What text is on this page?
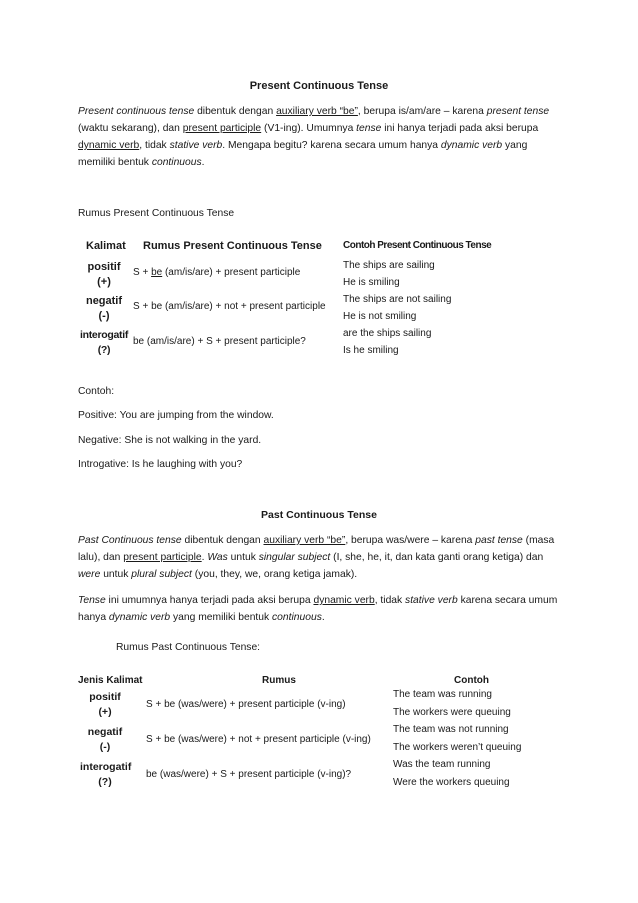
Present Continuous Tense
Present continuous tense dibentuk dengan auxiliary verb “be”, berupa is/am/are – karena present tense (waktu sekarang), dan present participle (V1-ing). Umumnya tense ini hanya terjadi pada aksi berupa dynamic verb, tidak stative verb. Mengapa begitu? karena secara umum hanya dynamic verb yang memiliki bentuk continuous.
Rumus Present Continuous Tense
Kalimat Rumus Present Continuous Tense Contoh Present Continuous Tense
positif
(+)
S + be (am/is/are) + present participle
The ships are sailing
He is smiling
negatif
(-)
S + be (am/is/are) + not + present participle
The ships are not sailing
He is not smiling
interogatif
(?)
be (am/is/are) + S + present participle?
are the ships sailing
Is he smiling
Contoh:
Positive: You are jumping from the window.
Negative: She is not walking in the yard.
Introgative: Is he laughing with you?
Past Continuous Tense
Past Continuous tense dibentuk dengan auxiliary verb “be”, berupa was/were – karena past tense (masa lalu), dan present participle. Was untuk singular subject (I, she, he, it, dan kata ganti orang ketiga) dan were untuk plural subject (you, they, we, orang ketiga jamak).
Tense ini umumnya hanya terjadi pada aksi berupa dynamic verb, tidak stative verb karena secara umum hanya dynamic verb yang memiliki bentuk continuous.
Rumus Past Continuous Tense:
Jenis Kalimat	Rumus	Contoh
positif
(+)
S + be (was/were) + present participle (v-ing)
The team was running
The workers were queuing
negatif
(-)
S + be (was/were) + not + present participle (v-ing)
The team was not running
The workers weren’t queuing
interogatif
(?)
be (was/were) + S + present participle (v-ing)?
Was the team running
Were the workers queuing
